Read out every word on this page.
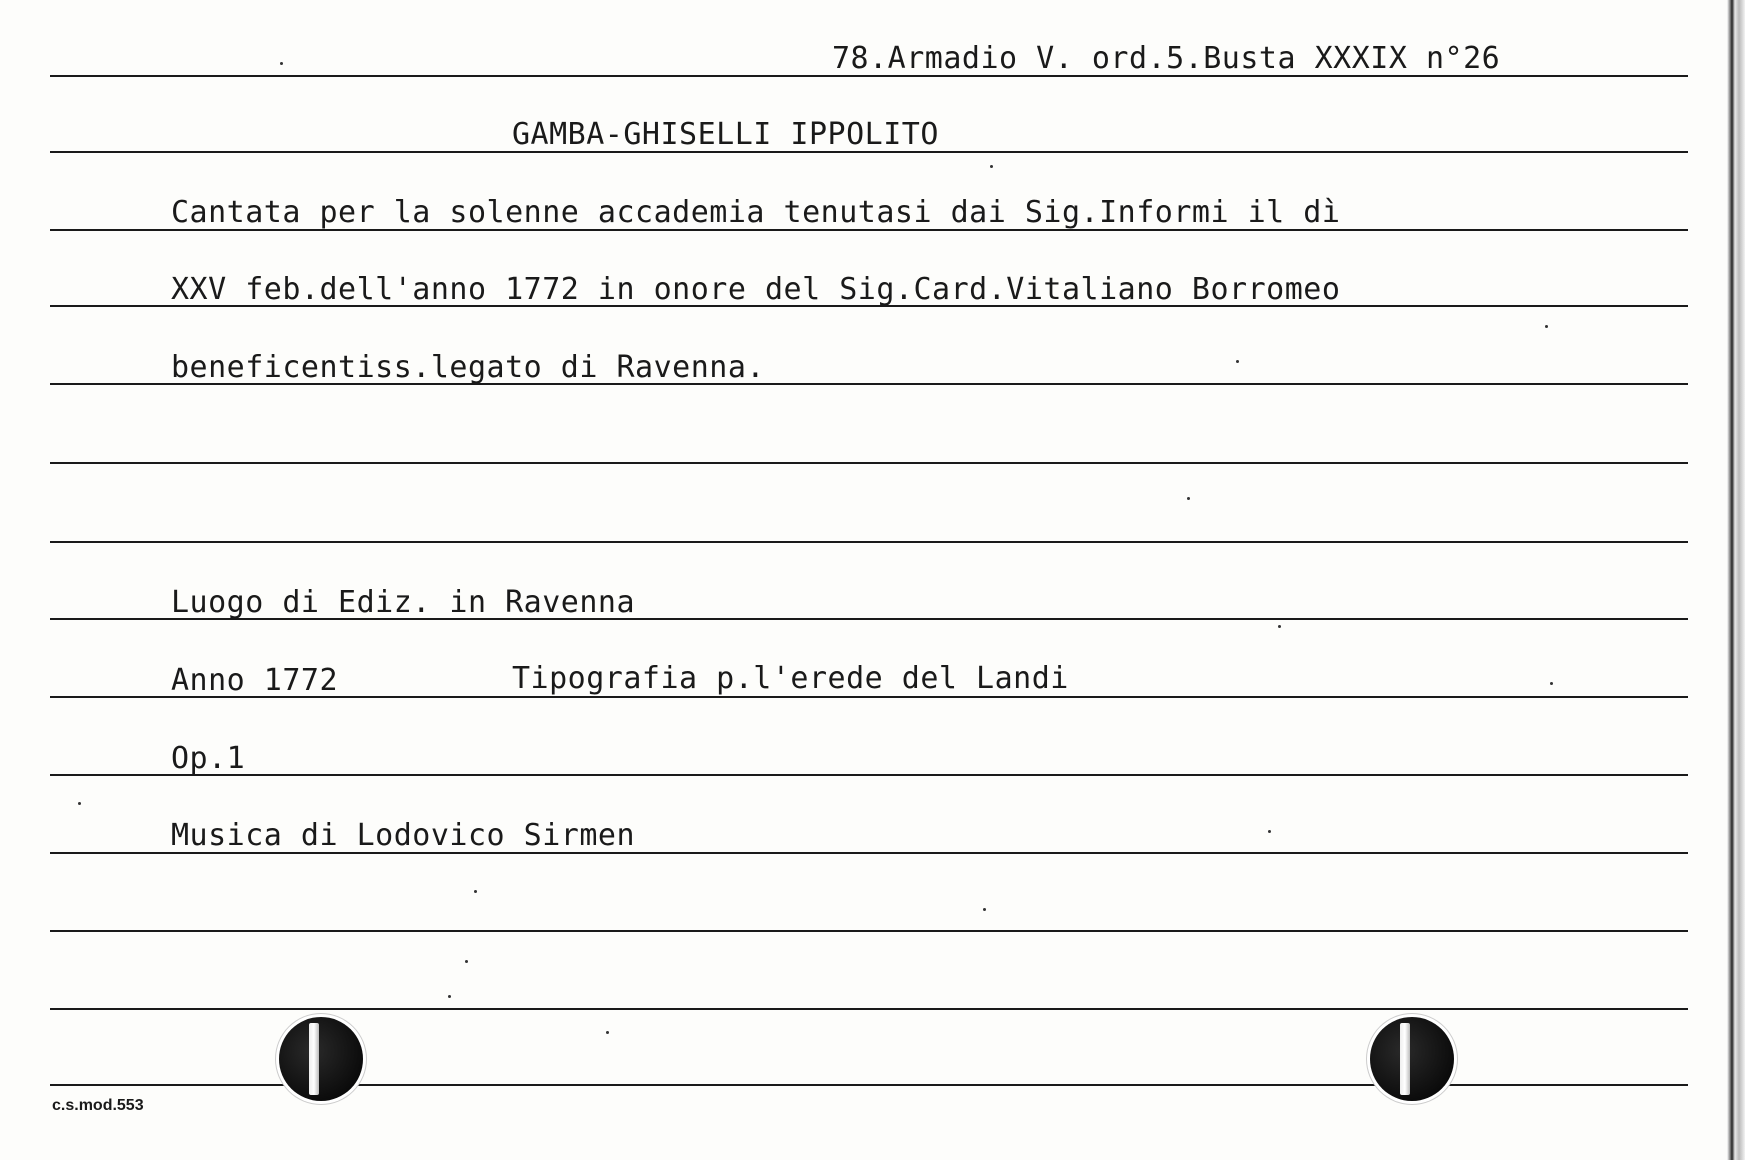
78.Armadio V. ord.5.Busta XXXIX n°26
GAMBA-GHISELLI IPPOLITO
Cantata per la solenne accademia tenutasi dai Sig.Informi il dì
XXV feb.dell'anno 1772 in onore del Sig.Card.Vitaliano Borromeo
beneficentiss.legato di Ravenna.
Luogo di Ediz. in Ravenna
Anno 1772	Tipografia p.l'erede del Landi
Op.1
Musica di Lodovico Sirmen
c.s.mod.553
